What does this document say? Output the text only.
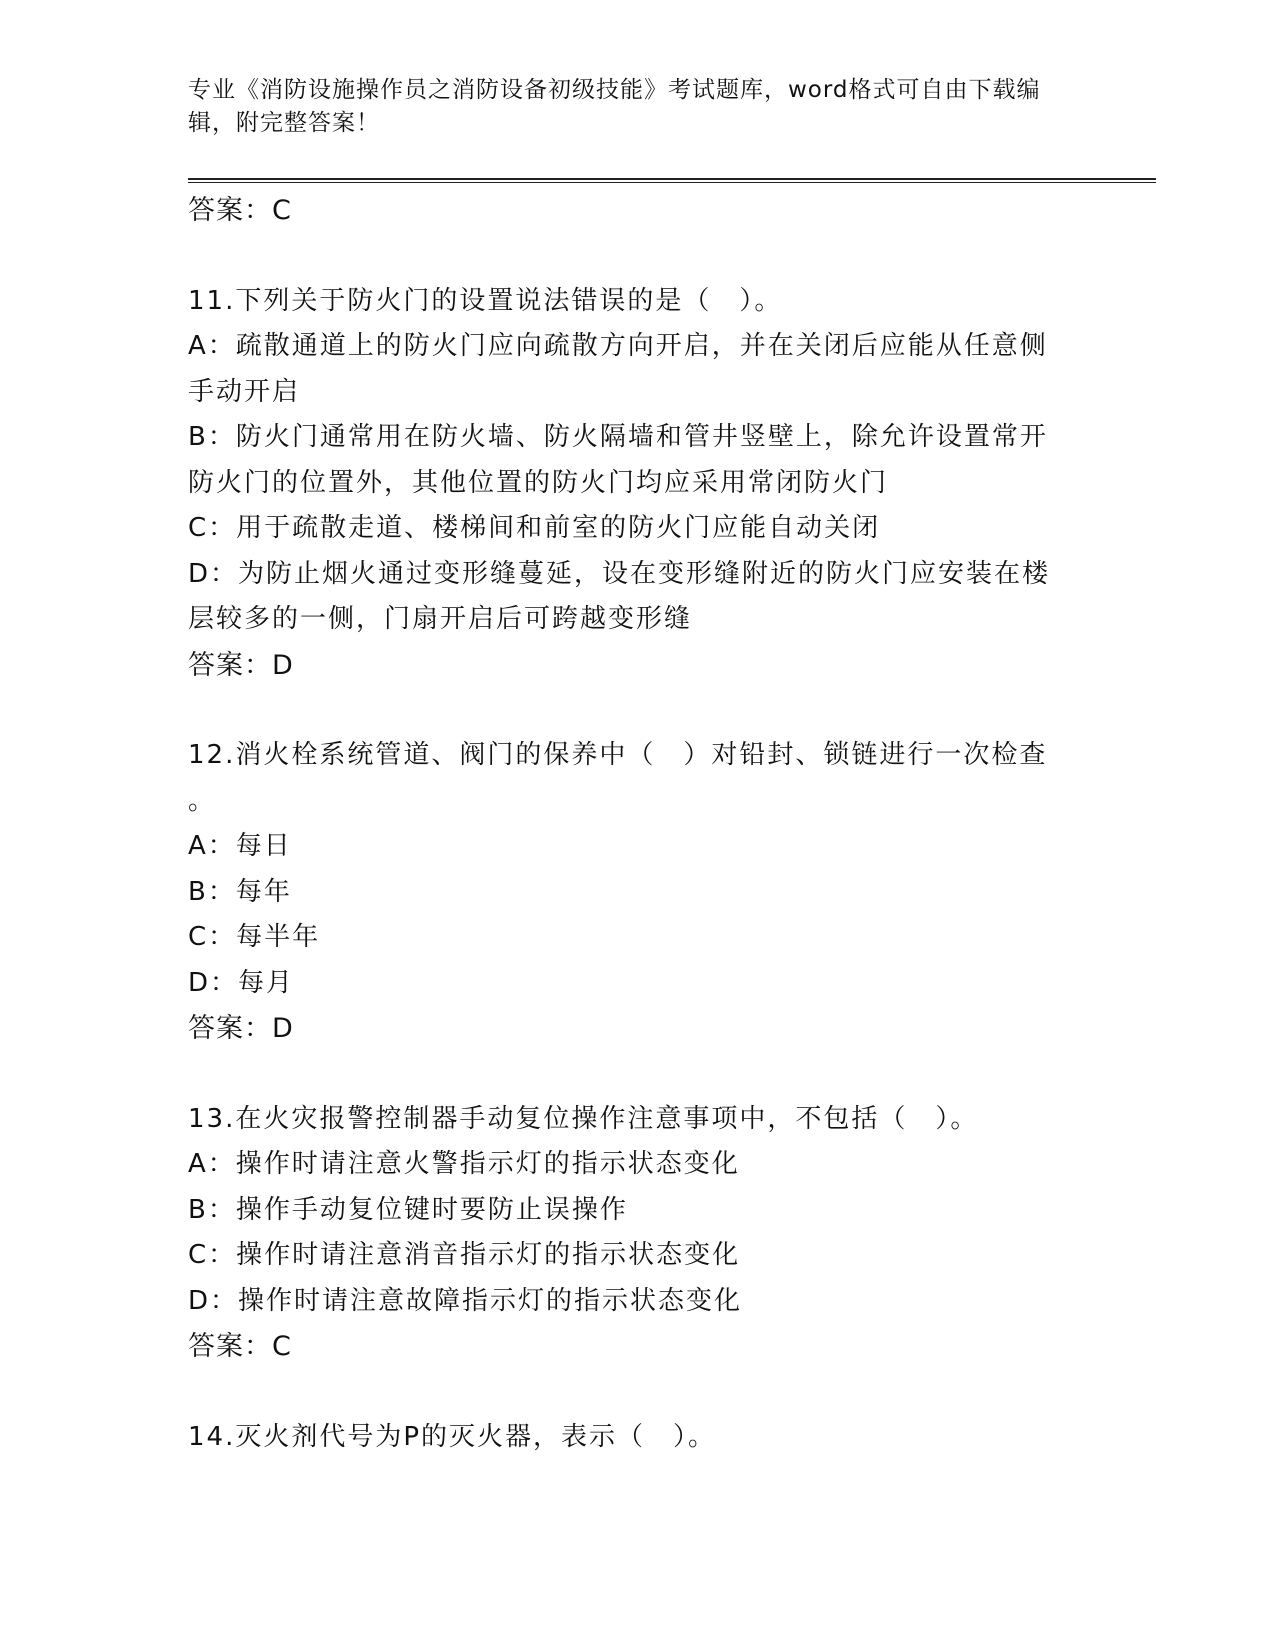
专业《消防设施操作员之消防设备初级技能》考试题库，word格式可自由下载编
辑，附完整答案！
答案：C
11.下列关于防火门的设置说法错误的是（　）。
A：疏散通道上的防火门应向疏散方向开启，并在关闭后应能从任意侧
手动开启
B：防火门通常用在防火墙、防火隔墙和管井竖壁上，除允许设置常开
防火门的位置外，其他位置的防火门均应采用常闭防火门
C：用于疏散走道、楼梯间和前室的防火门应能自动关闭
D：为防止烟火通过变形缝蔓延，设在变形缝附近的防火门应安装在楼
层较多的一侧，门扇开启后可跨越变形缝
答案：D
12.消火栓系统管道、阀门的保养中（　）对铅封、锁链进行一次检查
。
A：每日
B：每年
C：每半年
D：每月
答案：D
13.在火灾报警控制器手动复位操作注意事项中，不包括（　）。
A：操作时请注意火警指示灯的指示状态变化
B：操作手动复位键时要防止误操作
C：操作时请注意消音指示灯的指示状态变化
D：操作时请注意故障指示灯的指示状态变化
答案：C
14.灭火剂代号为P的灭火器，表示（　）。
